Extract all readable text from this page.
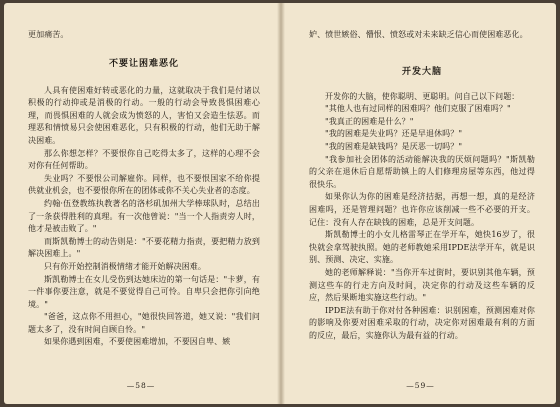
更加痛苦。

不要让困难恶化

人具有使困难好转或恶化的力量，这就取决于我们是付诸以积极的行动抑或是消极的行动。一般的行动会导致畏惧困难心理，而畏惧困难的人就会成为愤怒的人，害怕又会造生怯恶。而理恶和情愤易只会使困难恶化，只有积极的行动，他们无助于解决困难。

那么你想怎样？不要恨你自己吃得太多了，这样的心理不会对你有任何帮助。

失业吗？不要恨公司解雇你。同样，也不要恨国家不给你提供就业机会，也不要恨你所在的团体或你不关心失业者的态度。

约翰·伍登教练执教著名的洛杉矶加州大学棒球队时，总结出了一条获得胜利的真理。有一次他曾说："当一个人指责旁人时，他才是被击败了。"

而斯凯勒博士的动告则是："不要花精力指责，要把精力放到解决困难上。"

只有你开始控制消极情绪才能开始解决困难。

斯凯勒博士在女儿受伤到达她床边的第一句话是："卡萝，有一件事你要注意，就是不要觉得自己可怜。自卑只会把你引向绝境。"

"爸爸，这点你不用担心，"她很快回答道，她又说："我们问题太多了，没有时间自顾自怜。"

如果你遇到困难，不要使困难增加，不要因自卑、嫉

—58—

妒、愤世嫉俗、懵恨、愤怒或对未来缺乏信心而使困难恶化。

开发大脑

开发你的大脑，使你聪明、更聪明。问自己以下问题：

"其他人也有过同样的困难吗？他们克服了困难吗？"

"我真正的困难是什么？"

"我的困难是失业吗？还是早退休吗？"

"我的困难是缺钱吗？是厌恶一切吗？"

"我参加社会团体的活动能解决我的厌烦问题吗？"斯凯勒的父亲在退休后自愿帮助镇上的人们修理房屋等东西，他过得很快乐。

如果你认为你的困难是经济拮据，再想一想，真的是经济困难吗，还是管理问题？也许你应该削减一些不必要的开支。记住：没有人存在缺钱的困难，总是开支问题。

斯凯勒博士的小女儿格雷琴正在学开车，她快16岁了，很快就会拿驾驶执照。她的老师教她采用IPDE法学开车，就是识别、预测、决定、实施。

她的老师解释说："当你开车过街时，要识别其他车辆，预测这些车的行走方向及时间，决定你的行动及这些车辆的反应，然后果断地实施这些行动。"

IPDE法有助于你对付各种困难：识别困难，预测困难对你的影响及你要对困难采取的行动，决定你对困难最有利的方面的反应，最后，实施你认为最有益的行动。

—59—
